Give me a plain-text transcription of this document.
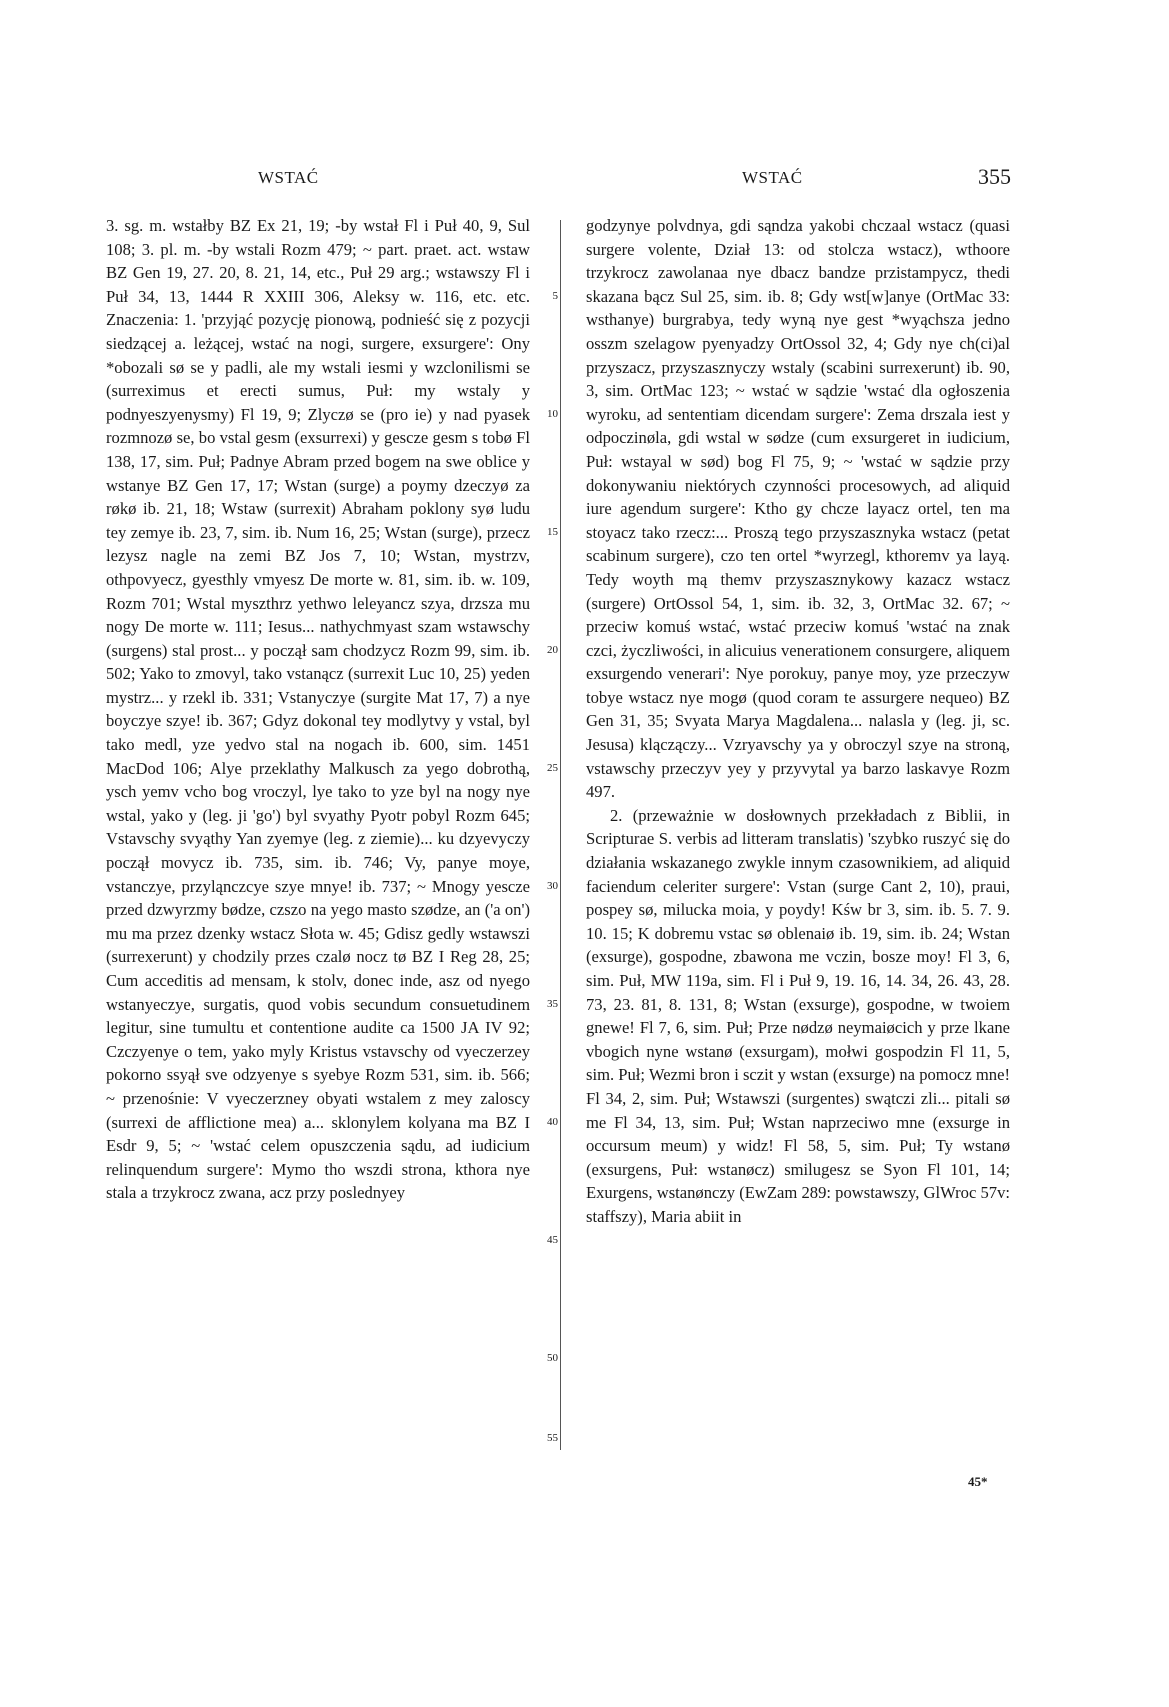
WSTAĆ	WSTAĆ	355

3. sg. m. wstałby BZ Ex 21, 19; -by wstał Fl i Puł 40, 9, Sul 108; 3. pl. m. -by wstali Rozm 479; ~ part. praet. act. wstaw BZ Gen 19, 27. 20, 8. 21, 14, etc., Puł 29 arg.; wstawszy Fl i Puł 34, 13, 1444 R XXIII 306, Aleksy w. 116, etc. etc. Znaczenia: 1. 'przyjąć pozycję pionową, podnieść się z pozycji siedzącej a. leżącej, wstać na nogi, surgere, exsurgere': Ony *obozali sø se y padli, ale my wstali iesmi y wzclonilismi se (surreximus et erecti sumus, Puł: my wstaly y podnyeszyenysmy) Fl 19, 9; Zlyczø se (pro ie) y nad pyasek rozmnozø se, bo vstal gesm (exsurrexi) y gescze gesm s tobø Fl 138, 17, sim. Puł; Padnye Abram przed bogem na swe oblice y wstanye BZ Gen 17, 17; Wstan (surge) a poymy dzeczyø za røkø ib. 21, 18; Wstaw (surrexit) Abraham poklony syø ludu tey zemye ib. 23, 7, sim. ib. Num 16, 25; Wstan (surge), przecz lezysz nagle na zemi BZ Jos 7, 10; Wstan, mystrzv, othpovyecz, gyesthly vmyesz De morte w. 81, sim. ib. w. 109, Rozm 701; Wstal myszthrz yethwo leleyancz szya, drzsza mu nogy De morte w. 111; Iesus... nathychmyast szam wstawschy (surgens) stal prost... y począł sam chodzycz Rozm 99, sim. ib. 502; Yako to zmovyl, tako vstanącz (surrexit Luc 10, 25) yeden mystrz... y rzekl ib. 331; Vstanyczye (surgite Mat 17, 7) a nye boyczye szye! ib. 367; Gdyz dokonal tey modlytvy y vstal, byl tako medl, yze yedvo stal na nogach ib. 600, sim. 1451 MacDod 106; Alye przeklathy Malkusch za yego dobrothą, ysch yemv vcho bog vroczyl, lye tako to yze byl na nogy nye wstal, yako y (leg. ji 'go') byl svyathy Pyotr pobyl Rozm 645; Vstavschy svyąthy Yan zyemye (leg. z ziemie)... ku dzyevyczy począł movycz ib. 735, sim. ib. 746; Vy, panye moye, vstanczye, przyląnczcye szye mnye! ib. 737; ~ Mnogy yescze przed dzwyrzmy bødze, czszo na yego masto szødze, an ('a on') mu ma przez dzenky wstacz Słota w. 45; Gdisz gedly wstawszi (surrexerunt) y chodzily przes czalø nocz tø BZ I Reg 28, 25; Cum acceditis ad mensam, k stolv, donec inde, asz od nyego wstanyeczye, surgatis, quod vobis secundum consuetudinem legitur, sine tumultu et contentione audite ca 1500 JA IV 92; Czczyenye o tem, yako myly Kristus vstavschy od vyeczerzey pokorno ssyął sve odzyenye s syebye Rozm 531, sim. ib. 566; ~ przenośnie: V vyeczerzney obyati wstalem z mey zaloscy (surrexi de afflictione mea) a... sklonylem kolyana ma BZ I Esdr 9, 5; ~ 'wstać celem opuszczenia sądu, ad iudicium relinquendum surgere': Mymo tho wszdi strona, kthora nye stala a trzykrocz zwana, acz przy poslednyey

5
10
15
20
25
30
35
40
45
50
55

godzynye polvdnya, gdi sąndza yakobi chczaal wstacz (quasi surgere volente, Dział 13: od stolcza wstacz), wthoore trzykrocz zawolanaa nye dbacz bandze przistampycz, thedi skazana bącz Sul 25, sim. ib. 8; Gdy wst[w]anye (OrtMac 33: wsthanye) burgrabya, tedy wyną nye gest *wyąchsza jedno osszm szelagow pyenyadzy OrtOssol 32, 4; Gdy nye ch(ci)al przyszacz, przyszasznyczy wstaly (scabini surrexerunt) ib. 90, 3, sim. OrtMac 123; ~ wstać w sądzie 'wstać dla ogłoszenia wyroku, ad sententiam dicendam surgere': Zema drszala iest y odpoczinøla, gdi wstal w sødze (cum exsurgeret in iudicium, Puł: wstayal w sød) bog Fl 75, 9; ~ 'wstać w sądzie przy dokonywaniu niektórych czynności procesowych, ad aliquid iure agendum surgere': Ktho gy chcze layacz ortel, ten ma stoyacz tako rzecz:... Proszą tego przyszasznyka wstacz (petat scabinum surgere), czo ten ortel *wyrzegl, kthoremv ya layą. Tedy woyth mą themv przyszasznykowy kazacz wstacz (surgere) OrtOssol 54, 1, sim. ib. 32, 3, OrtMac 32. 67; ~ przeciw komuś wstać, wstać przeciw komuś 'wstać na znak czci, życzliwości, in alicuius venerationem consurgere, aliquem exsurgendo venerari': Nye porokuy, panye moy, yze przeczyw tobye wstacz nye mogø (quod coram te assurgere nequeo) BZ Gen 31, 35; Svyata Marya Magdalena... nalasla y (leg. ji, sc. Jesusa) klączączy... Vzryavschy ya y obroczyl szye na stroną, vstawschy przeczyv yey y przyvytal ya barzo laskavye Rozm 497.

2. (przeważnie w dosłownych przekładach z Biblii, in Scripturae S. verbis ad litteram translatis) 'szybko ruszyć się do działania wskazanego zwykle innym czasownikiem, ad aliquid faciendum celeriter surgere': Vstan (surge Cant 2, 10), praui, pospey sø, milucka moia, y poydy! Kśw br 3, sim. ib. 5. 7. 9. 10. 15; K dobremu vstac sø oblenaiø ib. 19, sim. ib. 24; Wstan (exsurge), gospodne, zbawona me vczin, bosze moy! Fl 3, 6, sim. Puł, MW 119a, sim. Fl i Puł 9, 19. 16, 14. 34, 26. 43, 28. 73, 23. 81, 8. 131, 8; Wstan (exsurge), gospodne, w twoiem gnewe! Fl 7, 6, sim. Puł; Prze nødzø neymaiøcich y prze lkane vbogich nyne wstanø (exsurgam), mołwi gospodzin Fl 11, 5, sim. Puł; Wezmi bron i sczit y wstan (exsurge) na pomocz mne! Fl 34, 2, sim. Puł; Wstawszi (surgentes) swątczi zli... pitali sø me Fl 34, 13, sim. Puł; Wstan naprzeciwo mne (exsurge in occursum meum) y widz! Fl 58, 5, sim. Puł; Ty wstanø (exsurgens, Puł: wstanøcz) smilugesz se Syon Fl 101, 14; Exurgens, wstanønczy (EwZam 289: powstawszy, GlWroc 57v: staffszy), Maria abiit in

45*
